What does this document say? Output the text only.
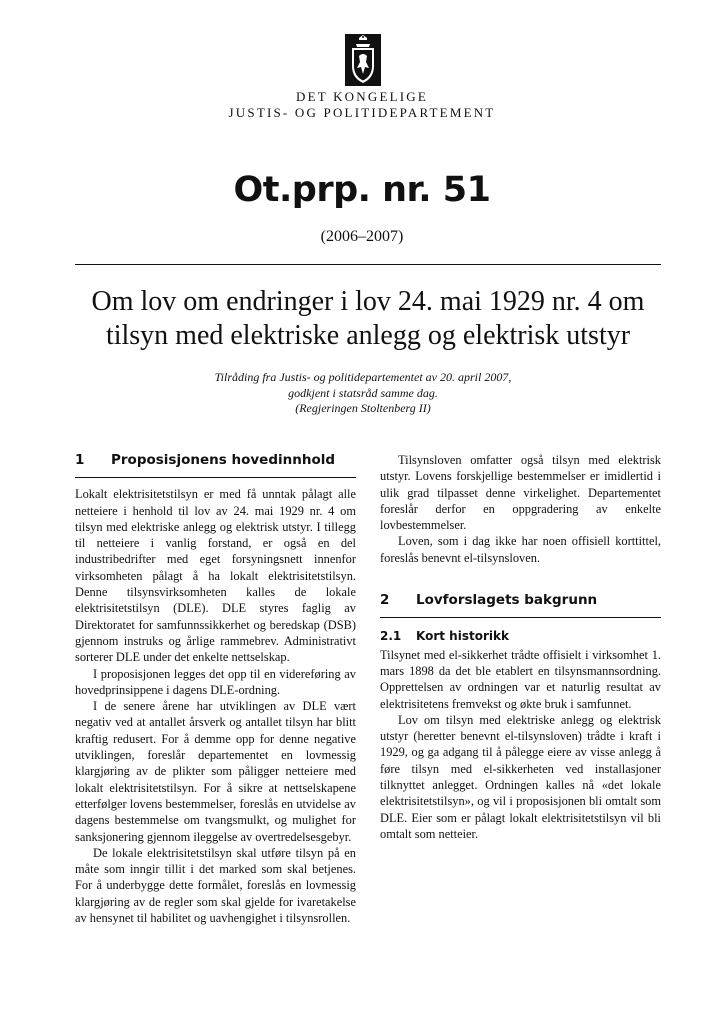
DET KONGELIGE
JUSTIS- OG POLITIDEPARTEMENT
Ot.prp. nr. 51
(2006–2007)
Om lov om endringer i lov 24. mai 1929 nr. 4 om tilsyn med elektriske anlegg og elektrisk utstyr
Tilråding fra Justis- og politidepartementet av 20. april 2007,
godkjent i statsråd samme dag.
(Regjeringen Stoltenberg II)
1	Proposisjonens hovedinnhold

Lokalt elektrisitetstilsyn er med få unntak pålagt alle netteiere i henhold til lov av 24. mai 1929 nr. 4 om tilsyn med elektriske anlegg og elektrisk utstyr. I tillegg til netteiere i vanlig forstand, er også en del industribedrifter med eget forsyningsnett innenfor virksomheten pålagt å ha lokalt elektrisitetstilsyn. Denne tilsynsvirksomheten kalles de lokale elektrisitetstilsyn (DLE). DLE styres faglig av Direktoratet for samfunnssikkerhet og beredskap (DSB) gjennom instruks og årlige rammebrev. Administrativt sorterer DLE under det enkelte nettselskap.

I proposisjonen legges det opp til en videreføring av hovedprinsippene i dagens DLE-ordning.

I de senere årene har utviklingen av DLE vært negativ ved at antallet årsverk og antallet tilsyn har blitt kraftig redusert. For å demme opp for denne negative utviklingen, foreslår departementet en lovmessig klargjøring av de plikter som påligger netteiere med lokalt elektrisitetstilsyn. For å sikre at nettselskapene etterfølger lovens bestemmelser, foreslås en utvidelse av dagens bestemmelse om tvangsmulkt, og mulighet for sanksjonering gjennom ileggelse av overtredelsesgebyr.

De lokale elektrisitetstilsyn skal utføre tilsyn på en måte som inngir tillit i det marked som skal betjenes. For å underbygge dette formålet, foreslås en lovmessig klargjøring av de regler som skal gjelde for ivaretakelse av hensynet til habilitet og uavhengighet i tilsynsrollen.

Tilsynsloven omfatter også tilsyn med elektrisk utstyr. Lovens forskjellige bestemmelser er imidlertid i ulik grad tilpasset denne virkelighet. Departementet foreslår derfor en oppgradering av enkelte lovbestemmelser.

Loven, som i dag ikke har noen offisiell korttittel, foreslås benevnt el-tilsynsloven.

2	Lovforslagets bakgrunn
2.1	Kort historikk

Tilsynet med el-sikkerhet trådte offisielt i virksomhet 1. mars 1898 da det ble etablert en tilsynsmannsordning. Opprettelsen av ordningen var et naturlig resultat av elektrisitetens fremvekst og økte bruk i samfunnet.

Lov om tilsyn med elektriske anlegg og elektrisk utstyr (heretter benevnt el-tilsynsloven) trådte i kraft i 1929, og ga adgang til å pålegge eiere av visse anlegg å føre tilsyn med el-sikkerheten ved installasjoner tilknyttet anlegget. Ordningen kalles nå «det lokale elektrisitetstilsyn», og vil i proposisjonen bli omtalt som DLE. Eier som er pålagt lokalt elektrisitetstilsyn vil bli omtalt som netteier.
